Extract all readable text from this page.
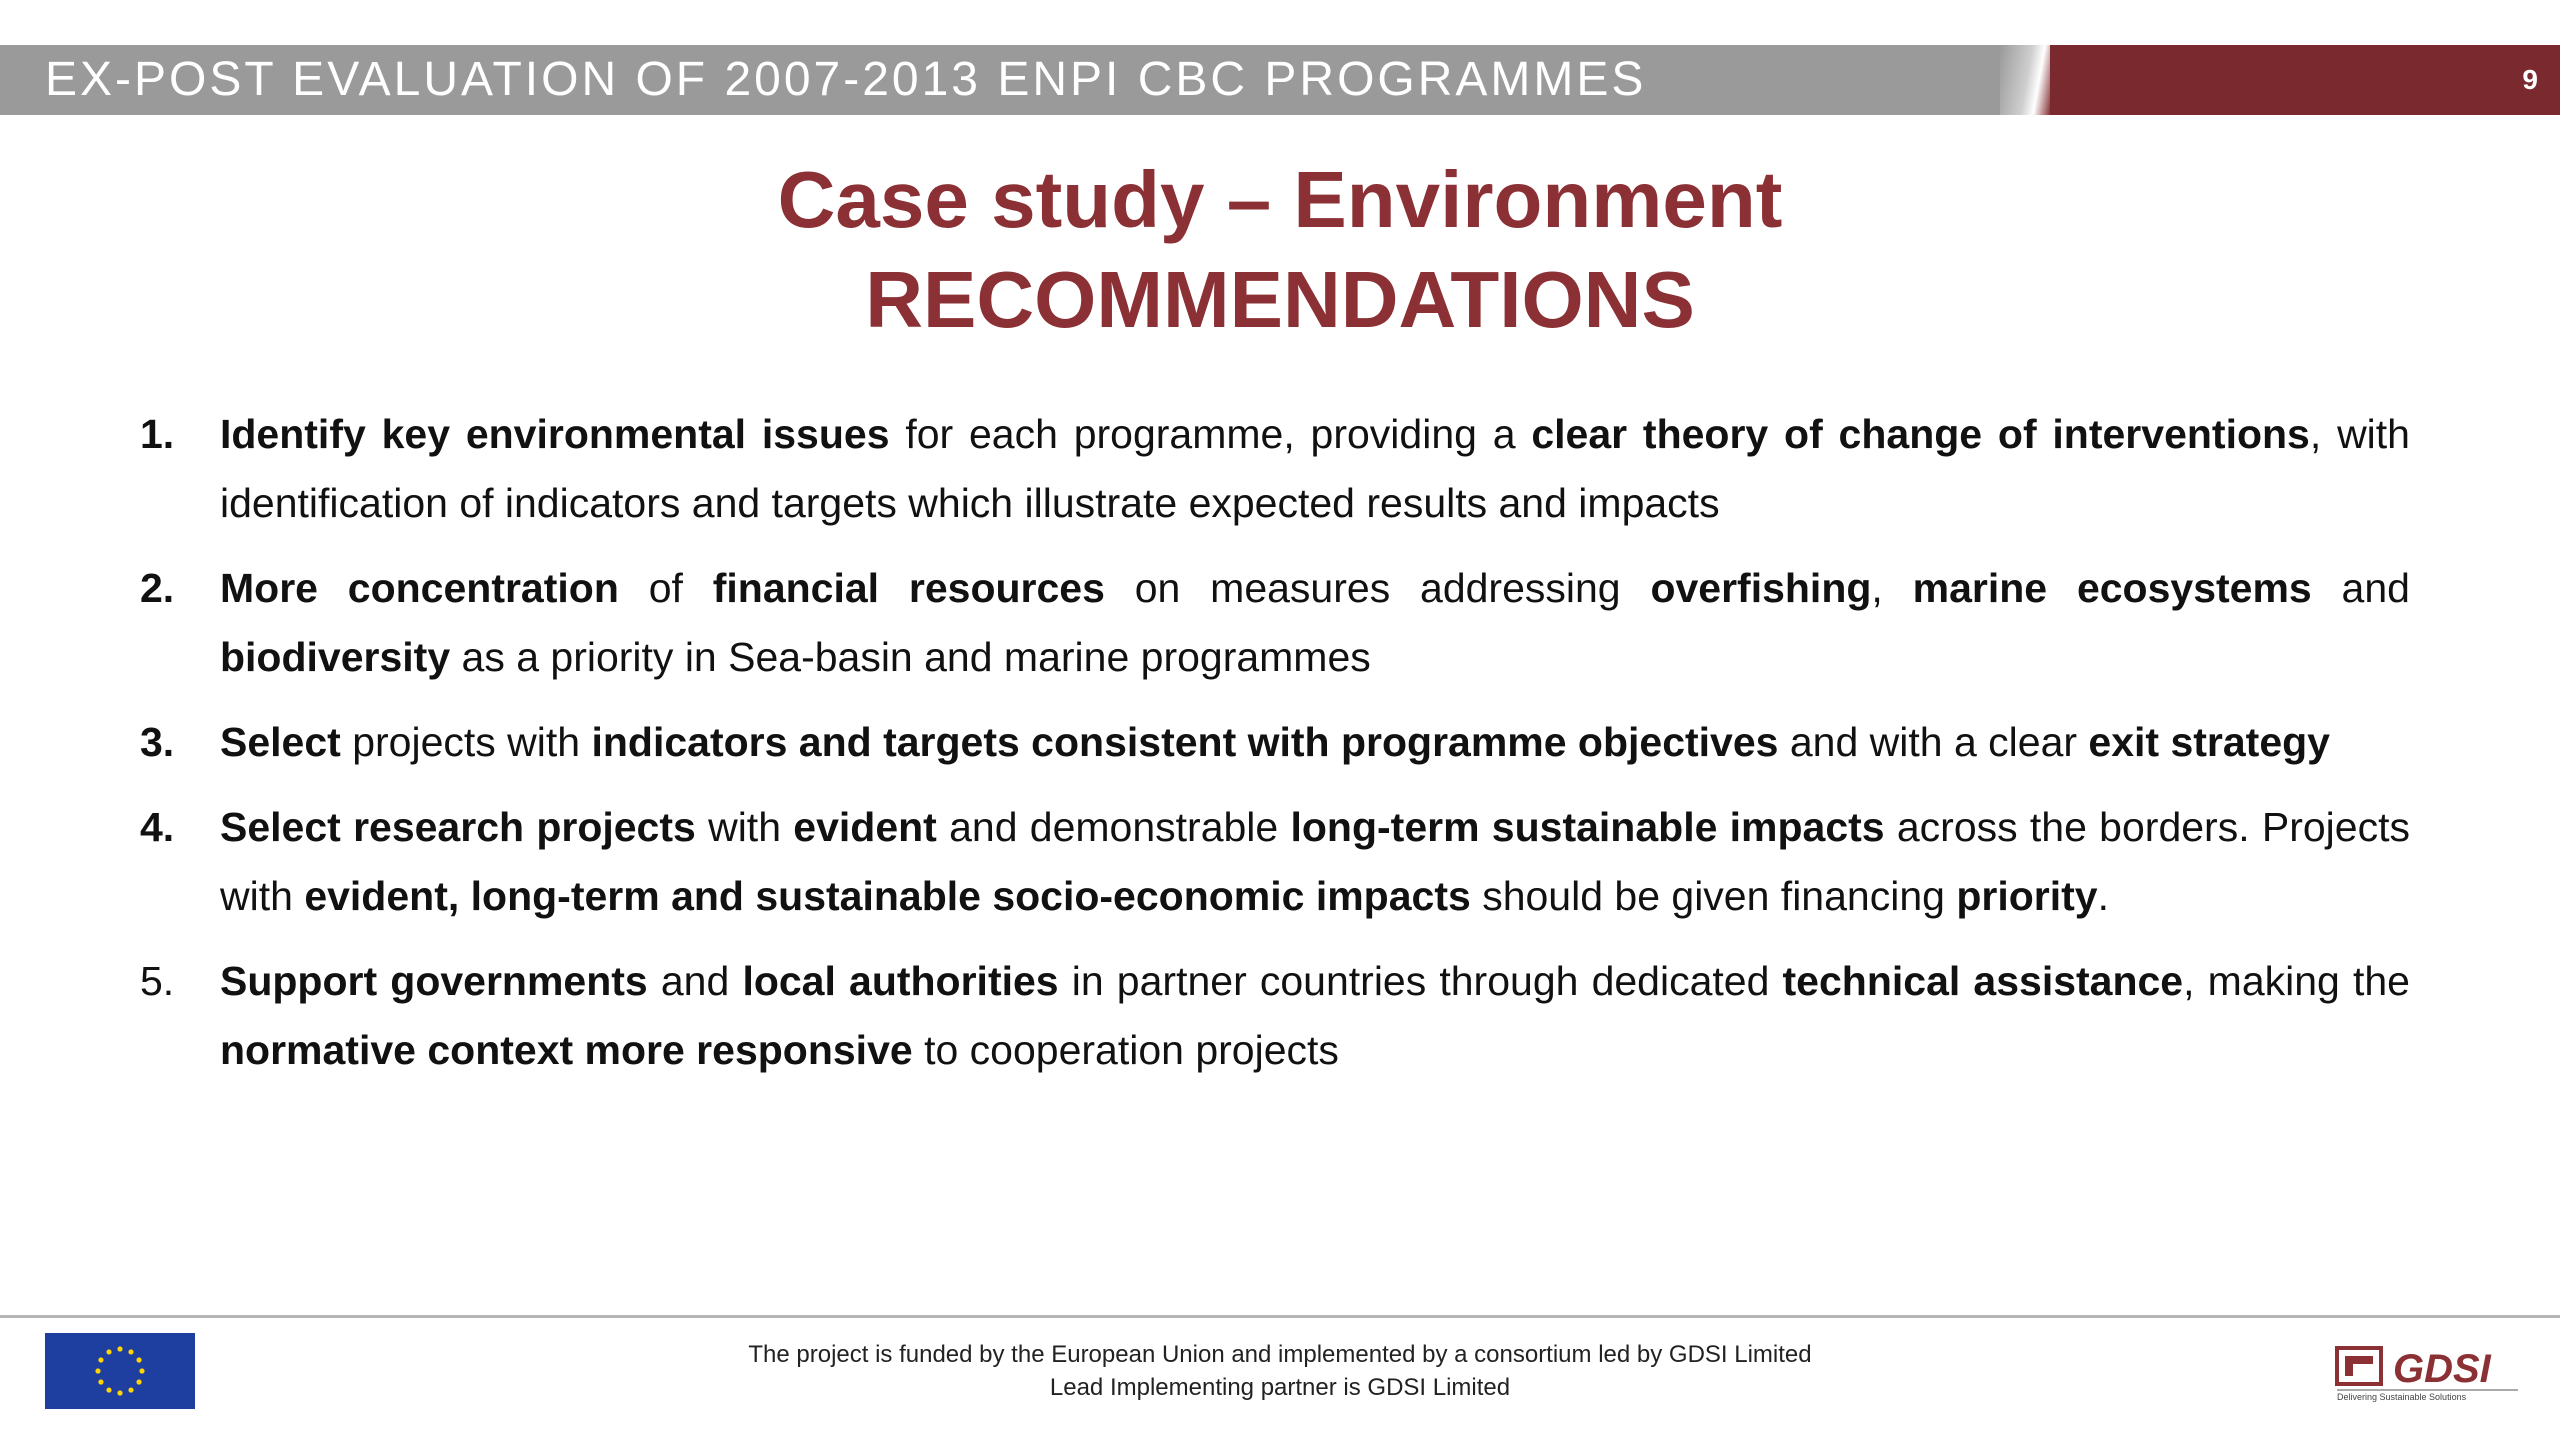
EX-POST EVALUATION OF 2007-2013 ENPI CBC PROGRAMMES	9
Case study – Environment
RECOMMENDATIONS
1. Identify key environmental issues for each programme, providing a clear theory of change of interventions, with identification of indicators and targets which illustrate expected results and impacts
2. More concentration of financial resources on measures addressing overfishing, marine ecosystems and biodiversity as a priority in Sea-basin and marine programmes
3. Select projects with indicators and targets consistent with programme objectives and with a clear exit strategy
4. Select research projects with evident and demonstrable long-term sustainable impacts across the borders. Projects with evident, long-term and sustainable socio-economic impacts should be given financing priority.
5. Support governments and local authorities in partner countries through dedicated technical assistance, making the normative context more responsive to cooperation projects
The project is funded by the European Union and implemented by a consortium led by GDSI Limited
Lead Implementing partner is GDSI Limited	GDSI
Delivering Sustainable Solutions
